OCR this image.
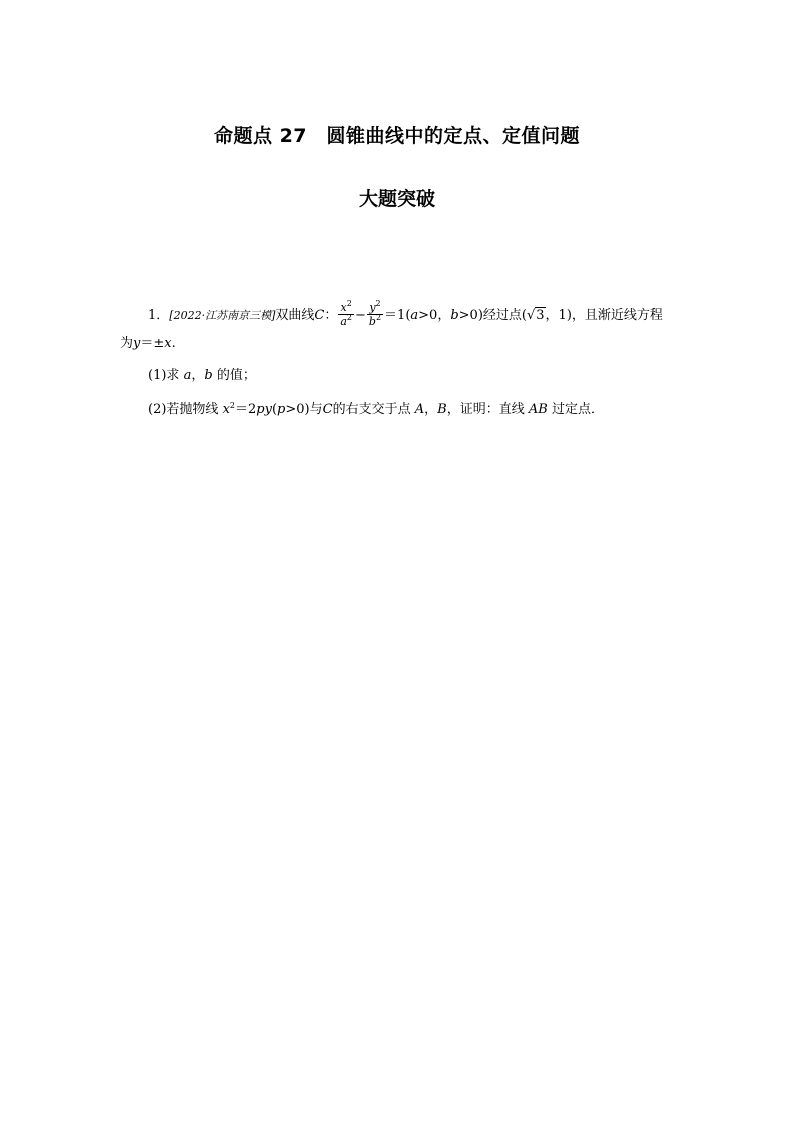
命题点 27　圆锥曲线中的定点、定值问题
大题突破
1．[2022·江苏南京三模]双曲线C： $\frac{x^2}{a^2} - \frac{y^2}{b^2} =1(a>0$，b>0)经过点(√3，1)，且渐近线方程
为y＝±x.
(1)求 a，b 的值；
(2)若抛物线 $x^2=2py(p>0)$与C的右支交于点 A，B，证明：直线 AB 过定点．
